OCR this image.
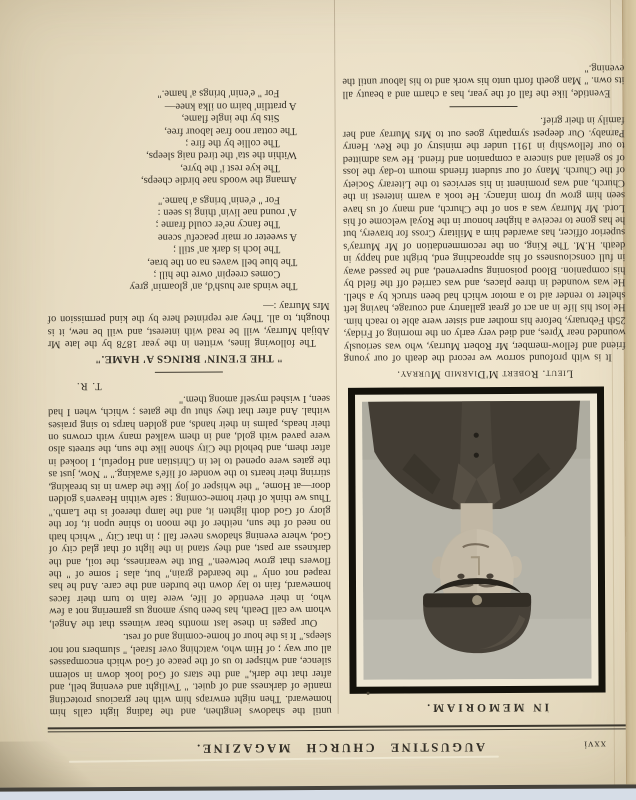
xxvi
AUGUSTINE CHURCH MAGAZINE.
IN MEMORIAM.
Lieut. Robert M'Diarmid Murray.

It is with profound sorrow we record the death of our young friend and fellow-member, Mr Robert Murray, who was seriously wounded near Ypres, and died very early on the morning of Friday, 25th February, before his mother and sister were able to reach him. He lost his life in an act of great gallantry and courage, having left shelter to render aid to a motor which had been struck by a shell. He was wounded in three places, and was carried off the field by his companion. Blood poisoning supervened, and he passed away in full consciousness of his approaching end, bright and happy in death. H.M. The King, on the recommendation of Mr Murray's superior officer, has awarded him a Military Cross for bravery, but he has gone to receive a higher honour in the Royal welcome of his Lord. Mr Murray was a son of the Church, and many of us have seen him grow up from infancy. He took a warm interest in the Church, and was prominent in his services to the Literary Society of the Church. Many of our student friends mourn to-day the loss of so genial and sincere a companion and friend. He was admitted to our fellowship in 1911 under the ministry of the Rev. Henry Parnaby. Our deepest sympathy goes out to Mrs Murray and her family in their grief.

Eventide, like the fall of the year, has a charm and a beauty all its own. " Man goeth forth unto his work and to his labour until the evening."

until the shadows lengthen, and the fading light calls him homeward. Then night enwraps him with her gracious protecting mantle of darkness and of quiet. " Twilight and evening bell, and after that the dark," and the stars of God look down in solemn silence, and whisper to us of the peace of God which encompasses all our way ; of Him who, watching over Israel, " slumbers not nor sleeps." It is the hour of home-coming and of rest.

Our pages in these last months bear witness that the Angel, whom we call Death, has been busy among us garnering not a few who, in their eventide of life, were fain to turn their faces homeward, fain to lay down the burden and the care. And he has reaped not only " the bearded grain," but, alas ! some of " the flowers that grow between." But the weariness, the toil, and the darkness are past, and they stand in the light of that glad city of God, where evening shadows never fall ; in that City " which hath no need of the sun, neither of the moon to shine upon it, for the glory of God doth lighten it, and the lamp thereof is the Lamb." Thus we think of their home-coming : safe within Heaven's golden door—at Home, " the whisper of joy like the dawn in its breaking, stirring their hearts to the wonder of life's awaking." " Now, just as the gates were opened to let in Christian and Hopeful, I looked in after them, and behold the City shone like the sun, the streets also were paved with gold, and in them walked many with crowns on their heads, palms in their hands, and golden harps to sing praises withal. And after that they shut up the gates ; which, when I had seen, I wished myself among them."

T. R.
" THE E'ENIN' BRINGS A' HAME."

The following lines, written in the year 1878 by the late Mr Abijah Murray, will be read with interest, and will be new, it is thought, to all. They are reprinted here by the kind permission of Mrs Murray :—

The winds are hush'd, an' gloamin' grey
Comes creepin' owre the hill ;
The blue bell waves na on the brae,
The loch is dark an' still ;
A sweeter or mair peacefu' scene
The fancy ne'er could frame ;
A' round nae livin' thing is seen :
For " e'enin' brings a' hame."
Amang the woods nae birdie cheeps,
The kye rest i' the byre,
Within the sta' the tired naig sleeps,
The collie by the fire ;
The cottar noo frae labour free,
Sits by the ingle flame,
A prattlin' bairn on ilka knee—
For " e'enin' brings a' hame."
